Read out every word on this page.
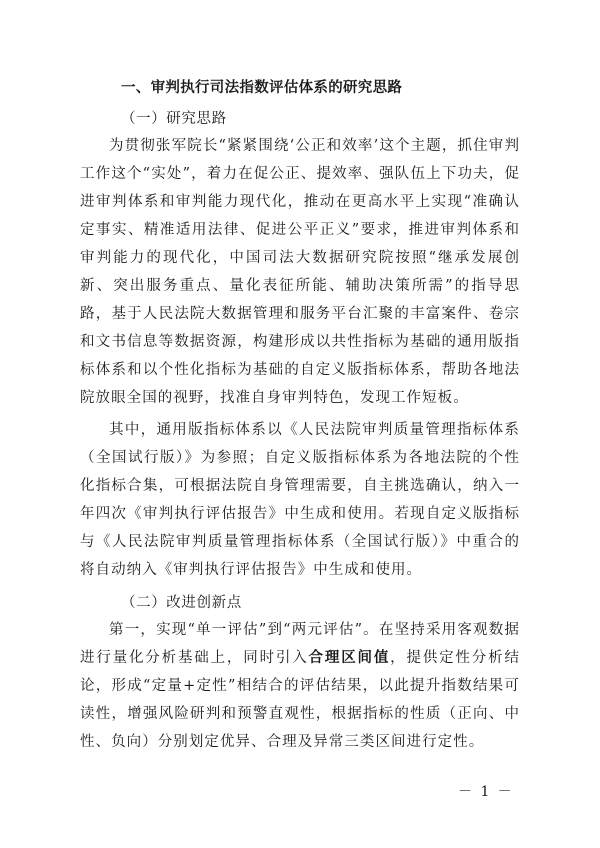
一、审判执行司法指数评估体系的研究思路
（一）研究思路

为贯彻张军院长“紧紧围绕‘公正和效率’这个主题，抓住审判工作这个“实处”，着力在促公正、提效率、强队伍上下功夫，促进审判体系和审判能力现代化，推动在更高水平上实现“准确认定事实、精准适用法律、促进公平正义”要求，推进审判体系和审判能力的现代化，中国司法大数据研究院按照“继承发展创新、突出服务重点、量化表征所能、辅助决策所需”的指导思路，基于人民法院大数据管理和服务平台汇聚的丰富案件、卷宗和文书信息等数据资源，构建形成以共性指标为基础的通用版指标体系和以个性化指标为基础的自定义版指标体系，帮助各地法院放眼全国的视野，找准自身审判特色，发现工作短板。

其中，通用版指标体系以《人民法院审判质量管理指标体系（全国试行版）》为参照；自定义版指标体系为各地法院的个性化指标合集，可根据法院自身管理需要，自主挑选确认，纳入一年四次《审判执行评估报告》中生成和使用。若现自定义版指标与《人民法院审判质量管理指标体系（全国试行版）》中重合的将自动纳入《审判执行评估报告》中生成和使用。

（二）改进创新点

第一，实现“单一评估”到“两元评估”。在坚持采用客观数据进行量化分析基础上，同时引入合理区间值，提供定性分析结论，形成“定量+定性”相结合的评估结果，以此提升指数结果可读性，增强风险研判和预警直观性，根据指标的性质（正向、中性、负向）分别划定优异、合理及异常三类区间进行定性。

－ 1 －
